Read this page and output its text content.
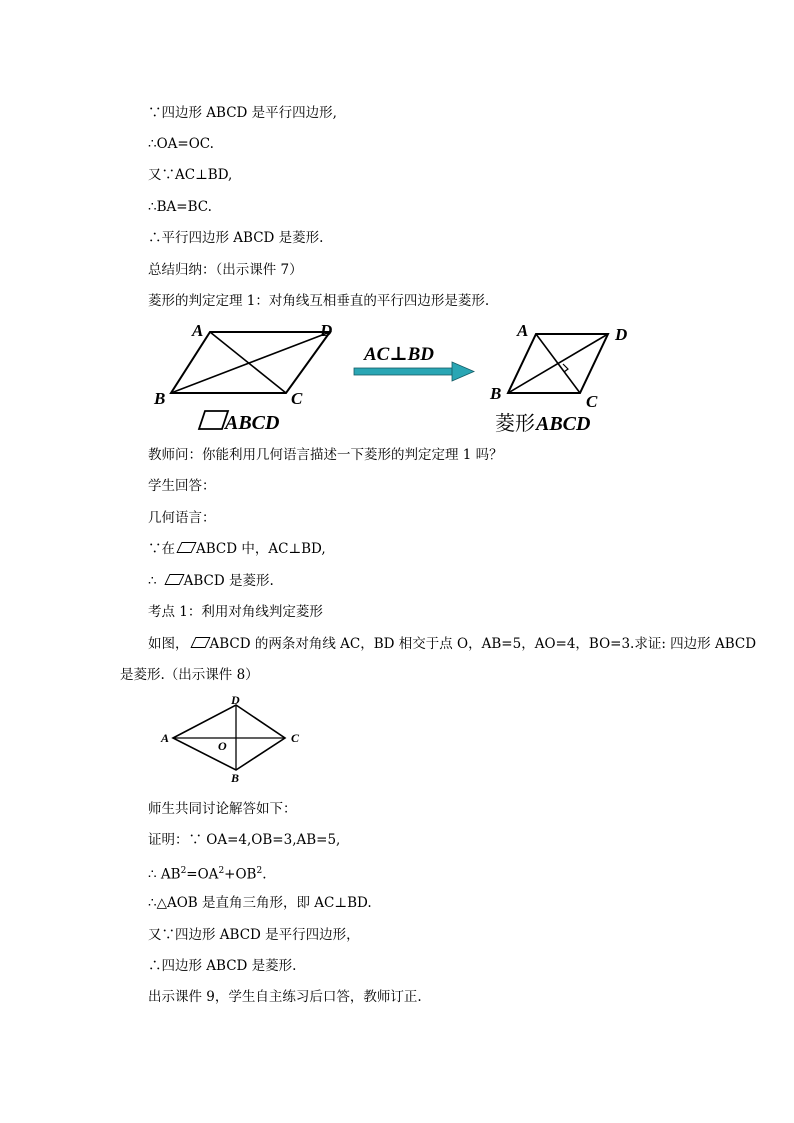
∵四边形 ABCD 是平行四边形,
∴OA=OC.
又∵AC⊥BD,
∴BA=BC.
∴平行四边形 ABCD 是菱形.
总结归纳：（出示课件 7）
菱形的判定定理 1：对角线互相垂直的平行四边形是菱形.
A	D
B	C
ABCD
AC⊥BD
A	D
B	C
菱形 ABCD
教师问：你能利用几何语言描述一下菱形的判定定理 1 吗？
学生回答：
几何语言：
∵在 ABCD 中，AC⊥BD,
∴ ABCD 是菱形.
考点 1：利用对角线判定菱形
如图， ABCD 的两条对角线 AC，BD 相交于点 O，AB=5，AO=4，BO=3.求证: 四边形 ABCD
是菱形.（出示课件 8）
D
A	C
O
B
师生共同讨论解答如下：
证明：∵ OA=4,OB=3,AB=5,
∴ $AB^2=OA^2+OB^2$.
∴△AOB 是直角三角形，即 AC⊥BD.
又∵四边形 ABCD 是平行四边形，
∴四边形 ABCD 是菱形.
出示课件 9，学生自主练习后口答，教师订正.
